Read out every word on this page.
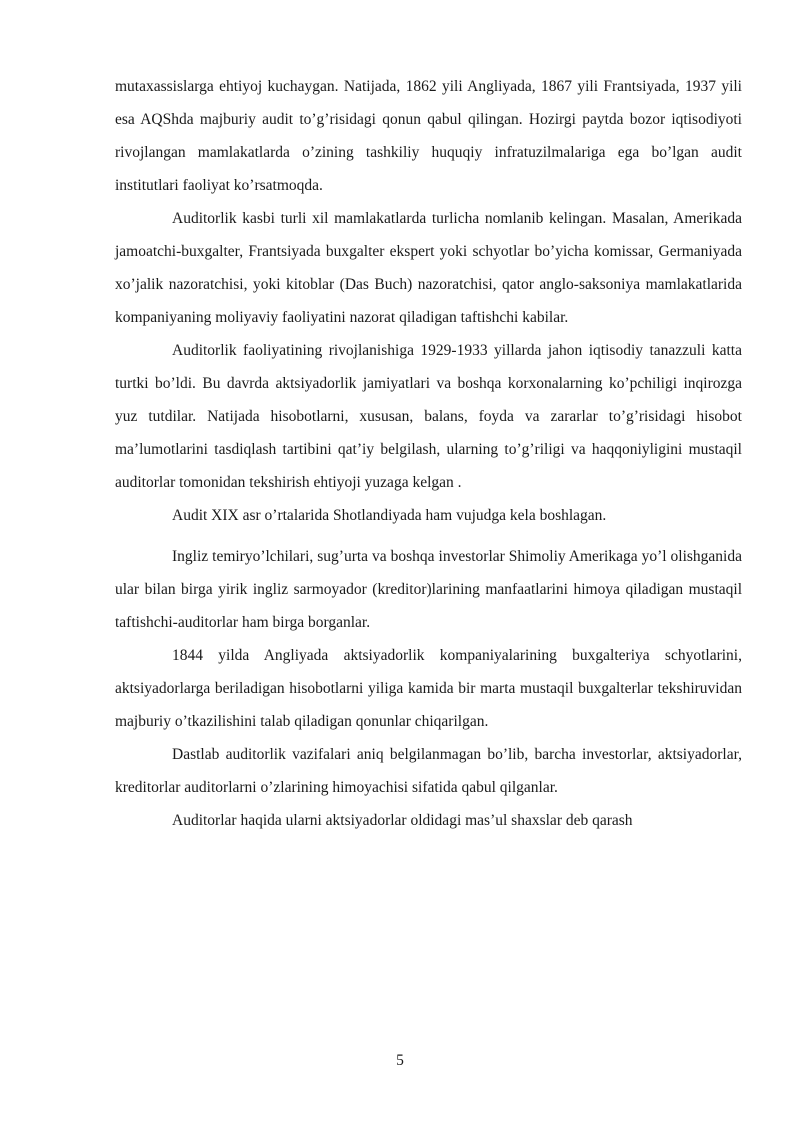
mutaxassislarga ehtiyoj kuchaygan. Natijada, 1862 yili Angliyada, 1867 yili Frantsiyada, 1937 yili esa AQShda majburiy audit to’g’risidagi qonun qabul qilingan. Hozirgi paytda bozor iqtisodiyoti rivojlangan mamlakatlarda o’zining tashkiliy huquqiy infratuzilmalariga ega bo’lgan audit institutlari faoliyat ko’rsatmoqda.

Auditorlik kasbi turli xil mamlakatlarda turlicha nomlanib kelingan. Masalan, Amerikada jamoatchi-buxgalter, Frantsiyada buxgalter ekspert yoki schyotlar bo’yicha komissar, Germaniyada xo’jalik nazoratchisi, yoki kitoblar (Das Buch) nazoratchisi, qator anglo-saksoniya mamlakatlarida kompaniyaning moliyaviy faoliyatini nazorat qiladigan taftishchi kabilar.

Auditorlik faoliyatining rivojlanishiga 1929-1933 yillarda jahon iqtisodiy tanazzuli katta turtki bo’ldi. Bu davrda aktsiyadorlik jamiyatlari va boshqa korxonalarning ko’pchiligi inqirozga yuz tutdilar. Natijada hisobotlarni, xususan, balans, foyda va zararlar to’g’risidagi hisobot ma’lumotlarini tasdiqlash tartibini qat’iy belgilash, ularning to’g’riligi va haqqoniyligini mustaqil auditorlar tomonidan tekshirish ehtiyoji yuzaga kelgan .

Audit XIX asr o’rtalarida Shotlandiyada ham vujudga kela boshlagan.

Ingliz temiryo’lchilari, sug’urta va boshqa investorlar Shimoliy Amerikaga yo’l olishganida ular bilan birga yirik ingliz sarmoyador (kreditor)larining manfaatlarini himoya qiladigan mustaqil taftishchi-auditorlar ham birga borganlar.

1844 yilda Angliyada aktsiyadorlik kompaniyalarining buxgalteriya schyotlarini, aktsiyadorlarga beriladigan hisobotlarni yiliga kamida bir marta mustaqil buxgalterlar tekshiruvidan majburiy o’tkazilishini talab qiladigan qonunlar chiqarilgan.

Dastlab auditorlik vazifalari aniq belgilanmagan bo’lib, barcha investorlar, aktsiyadorlar, kreditorlar auditorlarni o’zlarining himoyachisi sifatida qabul qilganlar.

Auditorlar haqida ularni aktsiyadorlar oldidagi mas’ul shaxslar deb qarash

5
